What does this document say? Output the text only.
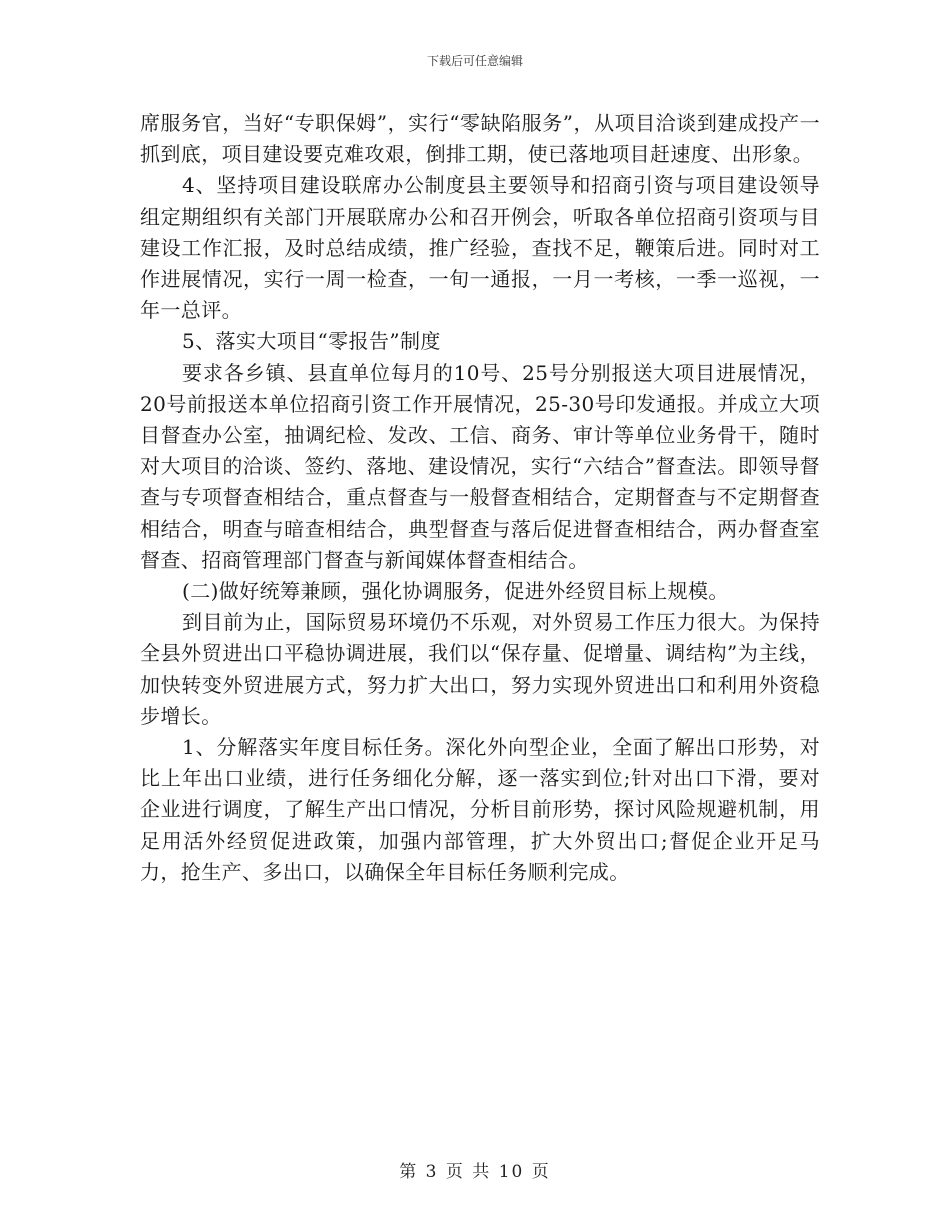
下载后可任意编辑

席服务官，当好“专职保姆”，实行“零缺陷服务”，从项目洽谈到建成投产一抓到底，项目建设要克难攻艰，倒排工期，使已落地项目赶速度、出形象。

4、坚持项目建设联席办公制度县主要领导和招商引资与项目建设领导组定期组织有关部门开展联席办公和召开例会，听取各单位招商引资项与目建设工作汇报，及时总结成绩，推广经验，查找不足，鞭策后进。同时对工作进展情况，实行一周一检查，一旬一通报，一月一考核，一季一巡视，一年一总评。

5、落实大项目“零报告”制度

要求各乡镇、县直单位每月的10号、25号分别报送大项目进展情况，20号前报送本单位招商引资工作开展情况，25-30号印发通报。并成立大项目督查办公室，抽调纪检、发改、工信、商务、审计等单位业务骨干，随时对大项目的洽谈、签约、落地、建设情况，实行“六结合”督查法。即领导督查与专项督查相结合，重点督查与一般督查相结合，定期督查与不定期督查相结合，明查与暗查相结合，典型督查与落后促进督查相结合，两办督查室督查、招商管理部门督查与新闻媒体督查相结合。

(二)做好统筹兼顾，强化协调服务，促进外经贸目标上规模。

到目前为止，国际贸易环境仍不乐观，对外贸易工作压力很大。为保持全县外贸进出口平稳协调进展，我们以“保存量、促增量、调结构”为主线，加快转变外贸进展方式，努力扩大出口，努力实现外贸进出口和利用外资稳步增长。

1、分解落实年度目标任务。深化外向型企业，全面了解出口形势，对比上年出口业绩，进行任务细化分解，逐一落实到位;针对出口下滑，要对企业进行调度，了解生产出口情况，分析目前形势，探讨风险规避机制，用足用活外经贸促进政策，加强内部管理，扩大外贸出口;督促企业开足马力，抢生产、多出口，以确保全年目标任务顺利完成。

第 3 页 共 10 页
